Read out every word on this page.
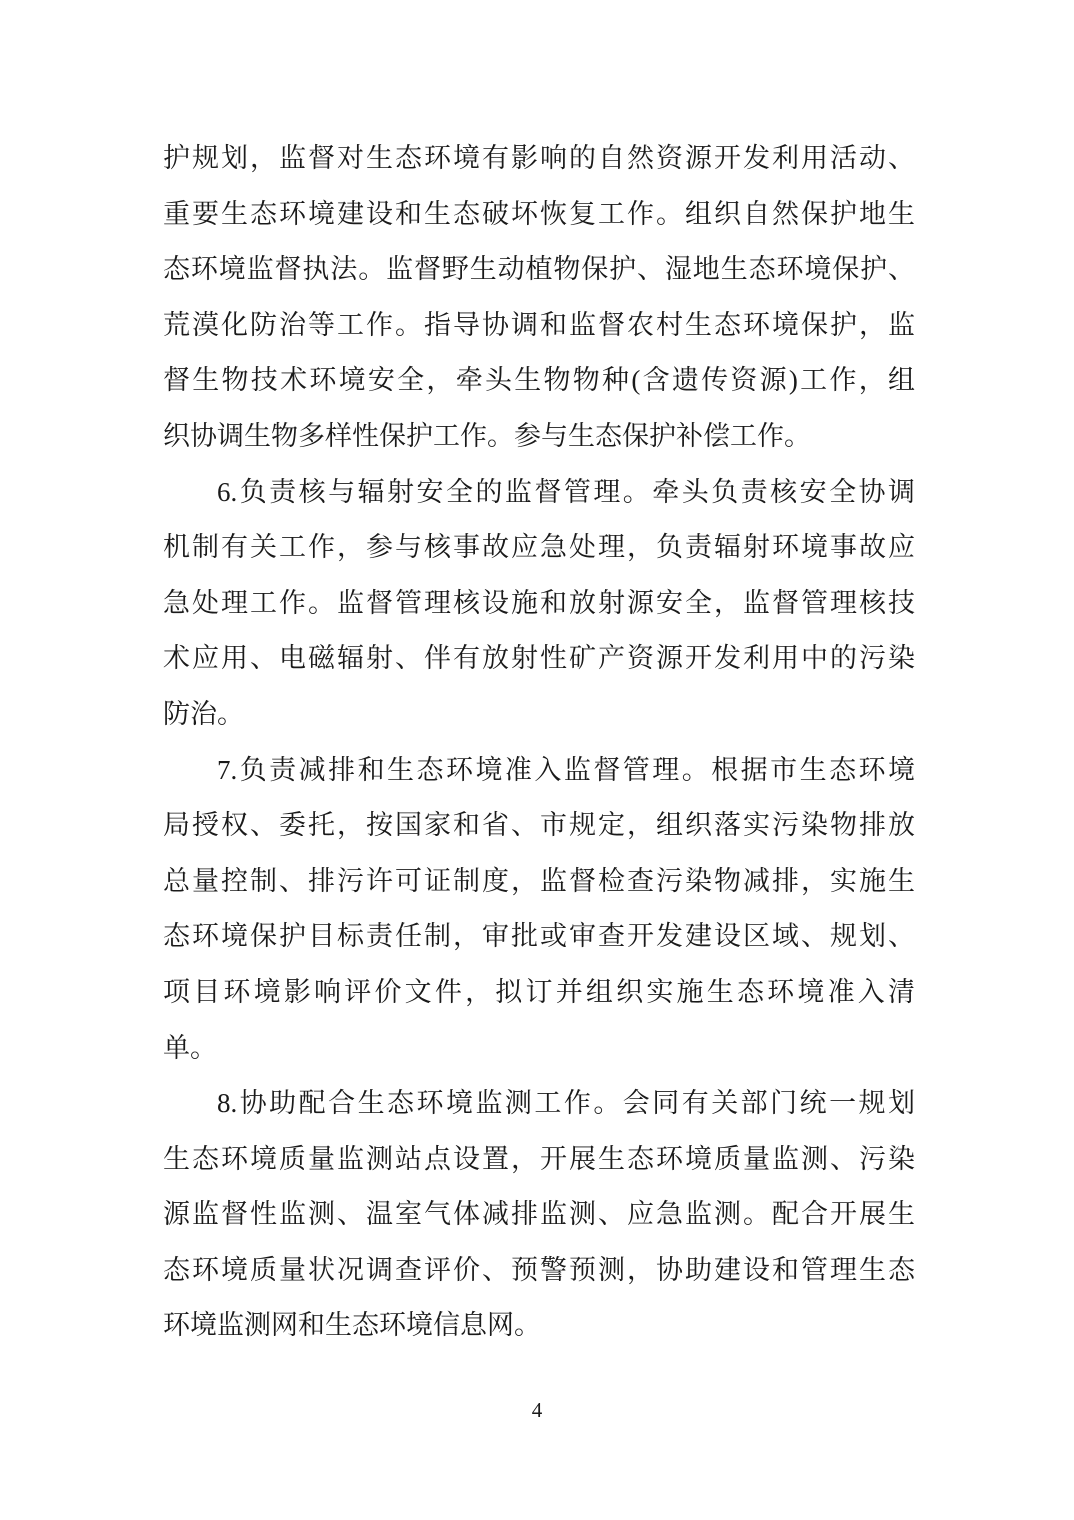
护规划，监督对生态环境有影响的自然资源开发利用活动、
重要生态环境建设和生态破坏恢复工作。组织自然保护地生
态环境监督执法。监督野生动植物保护、湿地生态环境保护、
荒漠化防治等工作。指导协调和监督农村生态环境保护，监
督生物技术环境安全，牵头生物物种(含遗传资源)工作，组
织协调生物多样性保护工作。参与生态保护补偿工作。
6.负责核与辐射安全的监督管理。牵头负责核安全协调
机制有关工作，参与核事故应急处理，负责辐射环境事故应
急处理工作。监督管理核设施和放射源安全，监督管理核技
术应用、电磁辐射、伴有放射性矿产资源开发利用中的污染
防治。
7.负责减排和生态环境准入监督管理。根据市生态环境
局授权、委托，按国家和省、市规定，组织落实污染物排放
总量控制、排污许可证制度，监督检查污染物减排，实施生
态环境保护目标责任制，审批或审查开发建设区域、规划、
项目环境影响评价文件，拟订并组织实施生态环境准入清
单。
8.协助配合生态环境监测工作。会同有关部门统一规划
生态环境质量监测站点设置，开展生态环境质量监测、污染
源监督性监测、温室气体减排监测、应急监测。配合开展生
态环境质量状况调查评价、预警预测，协助建设和管理生态
环境监测网和生态环境信息网。
4
